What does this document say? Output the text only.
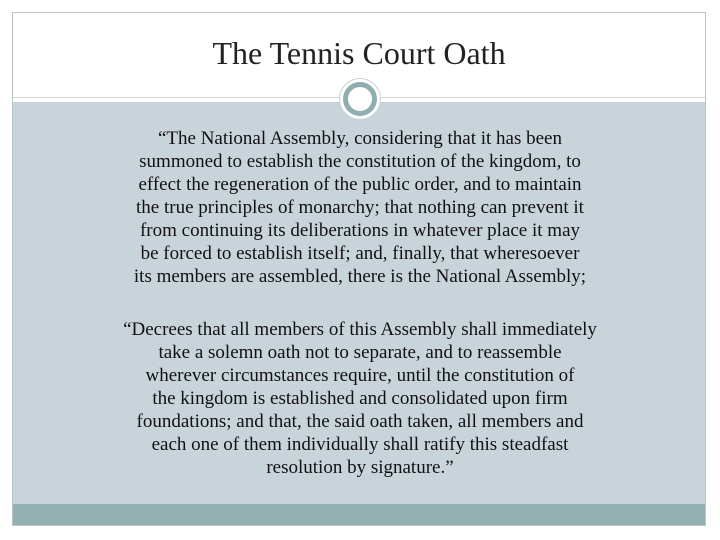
The Tennis Court Oath
“The National Assembly, considering that it has been
summoned to establish the constitution of the kingdom, to
effect the regeneration of the public order, and to maintain
the true principles of monarchy; that nothing can prevent it
from continuing its deliberations in whatever place it may
be forced to establish itself; and, finally, that wheresoever
its members are assembled, there is the National Assembly;
“Decrees that all members of this Assembly shall immediately
take a solemn oath not to separate, and to reassemble
wherever circumstances require, until the constitution of
the kingdom is established and consolidated upon firm
foundations; and that, the said oath taken, all members and
each one of them individually shall ratify this steadfast
resolution by signature.”
